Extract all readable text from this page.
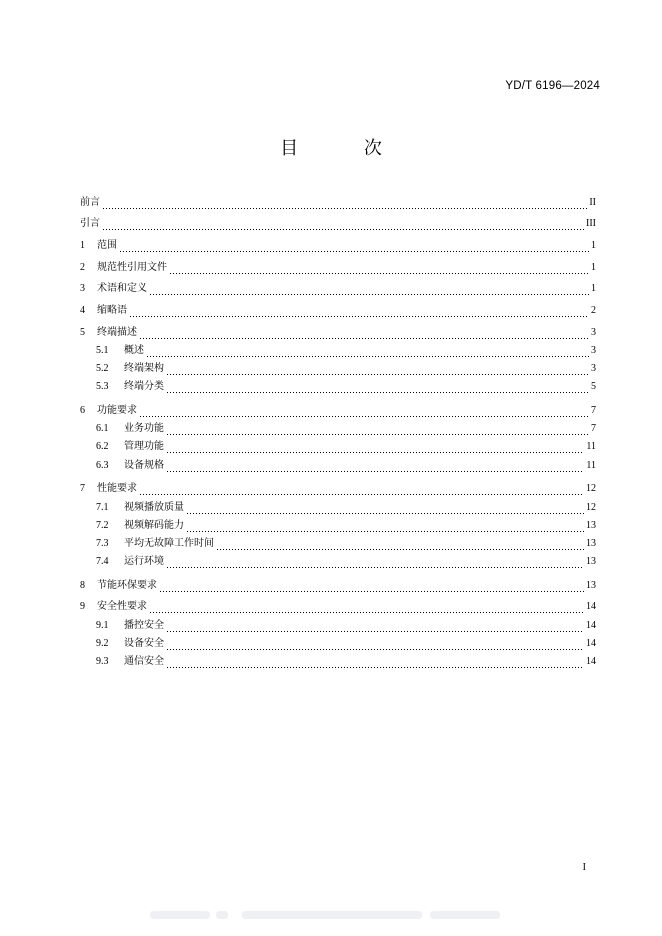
YD/T 6196—2024
目 次
前言	II
引言	III
1	范围	1
2	规范性引用文件	1
3	术语和定义	1
4	缩略语	2
5	终端描述	3
5.1	概述	3
5.2	终端架构	3
5.3	终端分类	5
6	功能要求	7
6.1	业务功能	7
6.2	管理功能	11
6.3	设备规格	11
7	性能要求	12
7.1	视频播放质量	12
7.2	视频解码能力	13
7.3	平均无故障工作时间	13
7.4	运行环境	13
8	节能环保要求	13
9	安全性要求	14
9.1	播控安全	14
9.2	设备安全	14
9.3	通信安全	14
I
